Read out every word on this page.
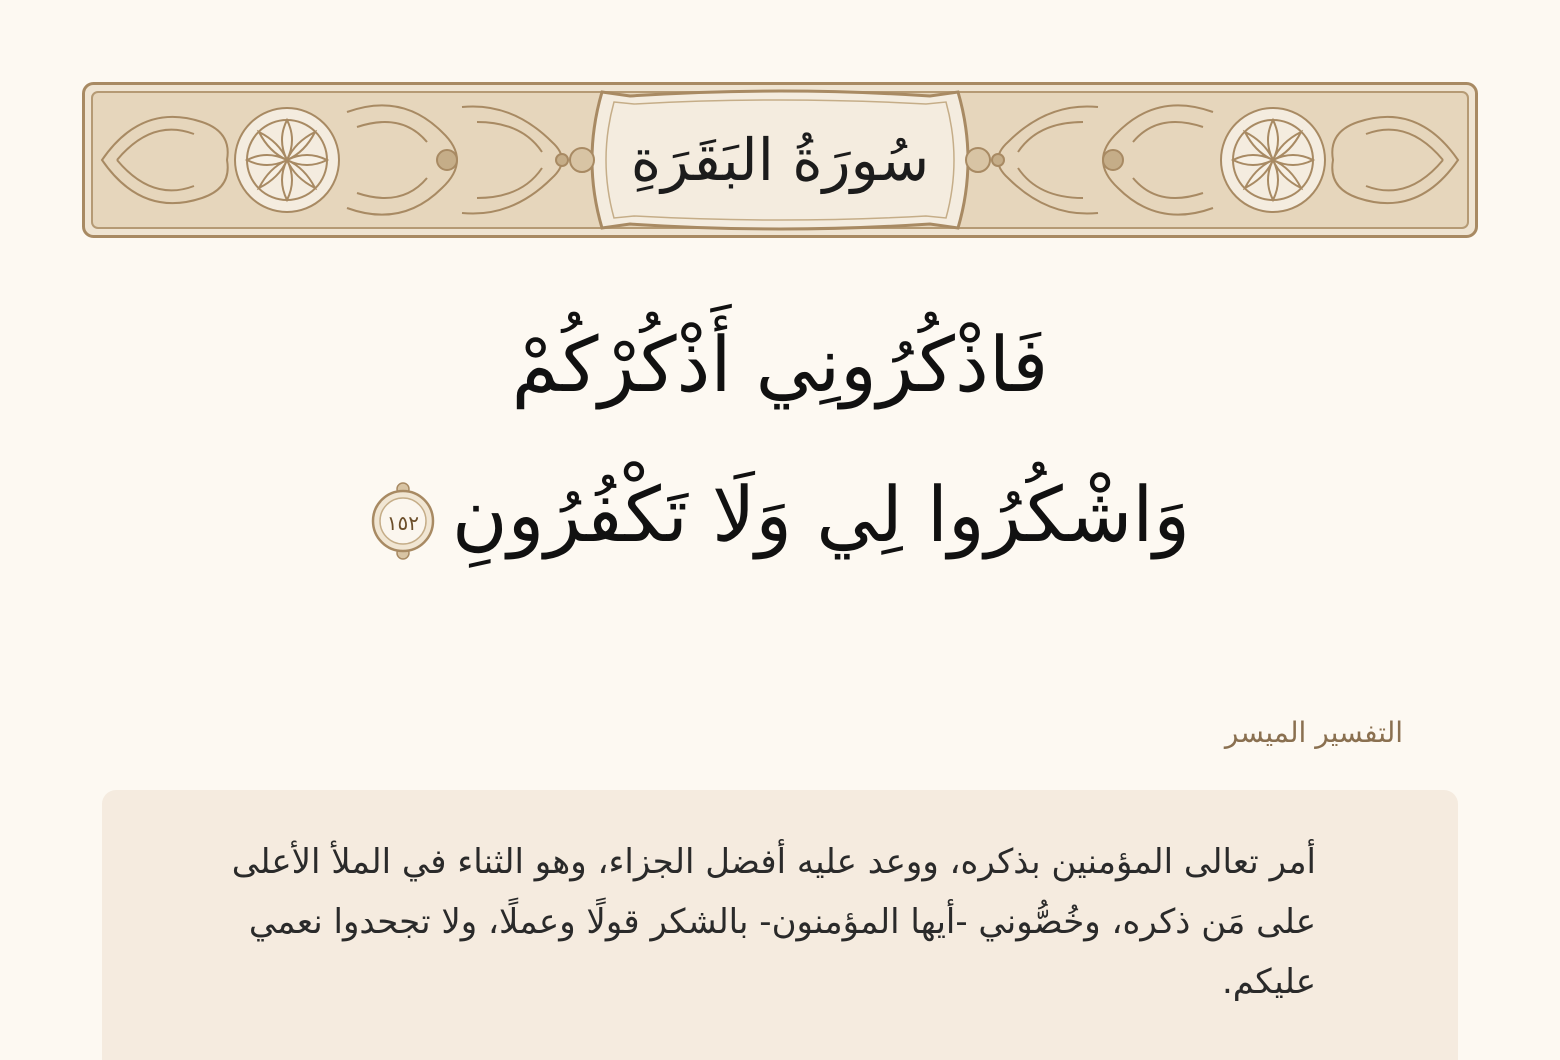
سُورَةُ البَقَرَةِ
فَاذْكُرُونِي أَذْكُرْكُمْ
وَاشْكُرُوا لِي وَلَا تَكْفُرُونِ
١٥٢
التفسير الميسر
أمر تعالى المؤمنين بذكره، ووعد عليه أفضل الجزاء، وهو الثناء في الملأ الأعلى على مَن ذكره، وخُصُّوني -أيها المؤمنون- بالشكر قولًا وعملًا، ولا تجحدوا نعمي عليكم.
